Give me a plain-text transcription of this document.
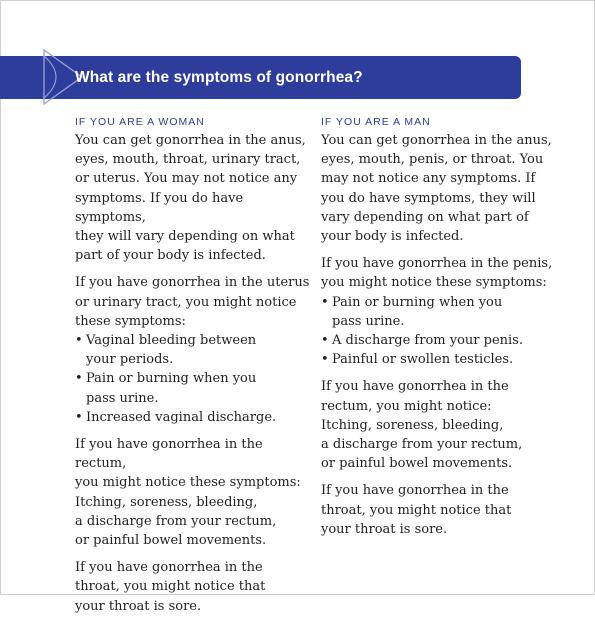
What are the symptoms of gonorrhea?
IF YOU ARE A WOMAN
You can get gonorrhea in the anus,
eyes, mouth, throat, urinary tract,
or uterus. You may not notice any
symptoms. If you do have symptoms,
they will vary depending on what
part of your body is infected.
If you have gonorrhea in the uterus
or urinary tract, you might notice
these symptoms:
• Vaginal bleeding between
your periods.
• Pain or burning when you
pass urine.
• Increased vaginal discharge.
If you have gonorrhea in the rectum,
you might notice these symptoms:
Itching, soreness, bleeding,
a discharge from your rectum,
or painful bowel movements.
If you have gonorrhea in the
throat, you might notice that
your throat is sore.
IF YOU ARE A MAN
You can get gonorrhea in the anus,
eyes, mouth, penis, or throat. You
may not notice any symptoms. If
you do have symptoms, they will
vary depending on what part of
your body is infected.
If you have gonorrhea in the penis,
you might notice these symptoms:
• Pain or burning when you
pass urine.
• A discharge from your penis.
• Painful or swollen testicles.
If you have gonorrhea in the
rectum, you might notice:
Itching, soreness, bleeding,
a discharge from your rectum,
or painful bowel movements.
If you have gonorrhea in the
throat, you might notice that
your throat is sore.
